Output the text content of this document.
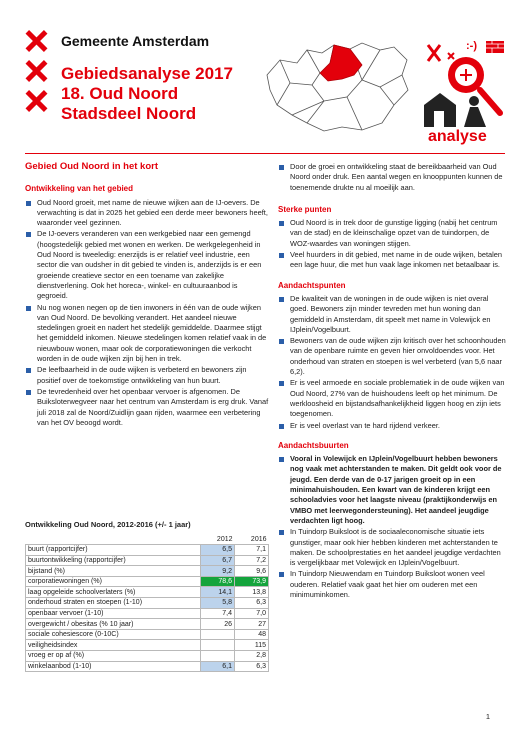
Gemeente Amsterdam
Gebiedsanalyse 2017
18. Oud Noord
Stadsdeel Noord
:-)
analyse
Gebied Oud Noord in het kort
Ontwikkeling van het gebied
Oud Noord groeit, met name de nieuwe wijken aan de IJ-oevers. De verwachting is dat in 2025 het gebied een derde meer bewoners heeft, waaronder veel gezinnen.
De IJ-oevers veranderen van een werkgebied naar een gemengd (hoogstedelijk gebied met wonen en werken. De werkgelegenheid in Oud Noord is tweeledig: enerzijds is er relatief veel industrie, een sector die van oudsher in dit gebied te vinden is, anderzijds is er een groeiende creatieve sector en een toename van zakelijke dienstverlening. Ook het horeca-, winkel- en cultuuraanbod is gegroeid.
Nu nog wonen negen op de tien inwoners in één van de oude wijken van Oud Noord. De bevolking verandert. Het aandeel nieuwe stedelingen groeit en nadert het stedelijk gemiddelde. Daarmee stijgt het gemiddeld inkomen. Nieuwe stedelingen komen relatief vaak in de nieuwbouw wonen, maar ook de corporatiewoningen die verkocht worden in de oude wijken zijn bij hen in trek.
De leefbaarheid in de oude wijken is verbeterd en bewoners zijn positief over de toekomstige ontwikkeling van hun buurt.
De tevredenheid over het openbaar vervoer is afgenomen. De Buiksloterwegveer naar het centrum van Amsterdam is erg druk. Vanaf juli 2018 zal de Noord/Zuidlijn gaan rijden, waarmee een verbetering van het OV beoogd wordt.
Ontwikkeling Oud Noord, 2012-2016 (+/- 1 jaar)
	2012	2016
buurt (rapportcijfer)	6,5	7,1
buurtontwikkeling (rapportcijfer)	6,7	7,2
bijstand (%)	9,2	9,6
corporatiewoningen (%)	78,6	73,9
laag opgeleide schoolverlaters (%)	14,1	13,8
onderhoud straten en stoepen (1-10)	5,8	6,3
openbaar vervoer (1-10)	7,4	7,0
overgewicht / obesitas (% 10 jaar)	26	27
sociale cohesiescore (0-10C)		48
veiligheidsindex		115
vroeg er op af (%)		2,8
winkelaanbod (1-10)	6,1	6,3
Door de groei en ontwikkeling staat de bereikbaarheid van Oud Noord onder druk. Een aantal wegen en knooppunten kunnen de toenemende drukte nu al moeilijk aan.
Sterke punten
Oud Noord is in trek door de gunstige ligging (nabij het centrum van de stad) en de kleinschalige opzet van de tuindorpen, de WOZ-waardes van woningen stijgen.
Veel huurders in dit gebied, met name in de oude wijken, betalen een lage huur, die met hun vaak lage inkomen net betaalbaar is.
Aandachtspunten
De kwaliteit van de woningen in de oude wijken is niet overal goed. Bewoners zijn minder tevreden met hun woning dan gemiddeld in Amsterdam, dit speelt met name in Volewijck en IJplein/Vogelbuurt.
Bewoners van de oude wijken zijn kritisch over het schoonhouden van de openbare ruimte en geven hier onvoldoendes voor. Het onderhoud van straten en stoepen is wel verbeterd (van 5,6 naar 6,2).
Er is veel armoede en sociale problematiek in de oude wijken van Oud Noord, 27% van de huishoudens leeft op het minimum. De werkloosheid en bijstandsafhankelijkheid liggen hoog en zijn iets toegenomen.
Er is veel overlast van te hard rijdend verkeer.
Aandachtsbuurten
Vooral in Volewijck en IJplein/Vogelbuurt hebben bewoners nog vaak met achterstanden te maken. Dit geldt ook voor de jeugd. Een derde van de 0-17 jarigen groeit op in een minimahuishouden. Een kwart van de kinderen krijgt een schooladvies voor het laagste niveau (praktijkonderwijs en VMBO met leerwegondersteuning). Het aandeel jeugdige verdachten ligt hoog.
In Tuindorp Buiksloot is de sociaaleconomische situatie iets gunstiger, maar ook hier hebben kinderen met achterstanden te maken. De schoolprestaties en het aandeel jeugdige verdachten is vergelijkbaar met Volewijck en IJplein/Vogelbuurt.
In Tuindorp Nieuwendam en Tuindorp Buiksloot wonen veel ouderen. Relatief vaak gaat het hier om ouderen met een minimuminkomen.
1
